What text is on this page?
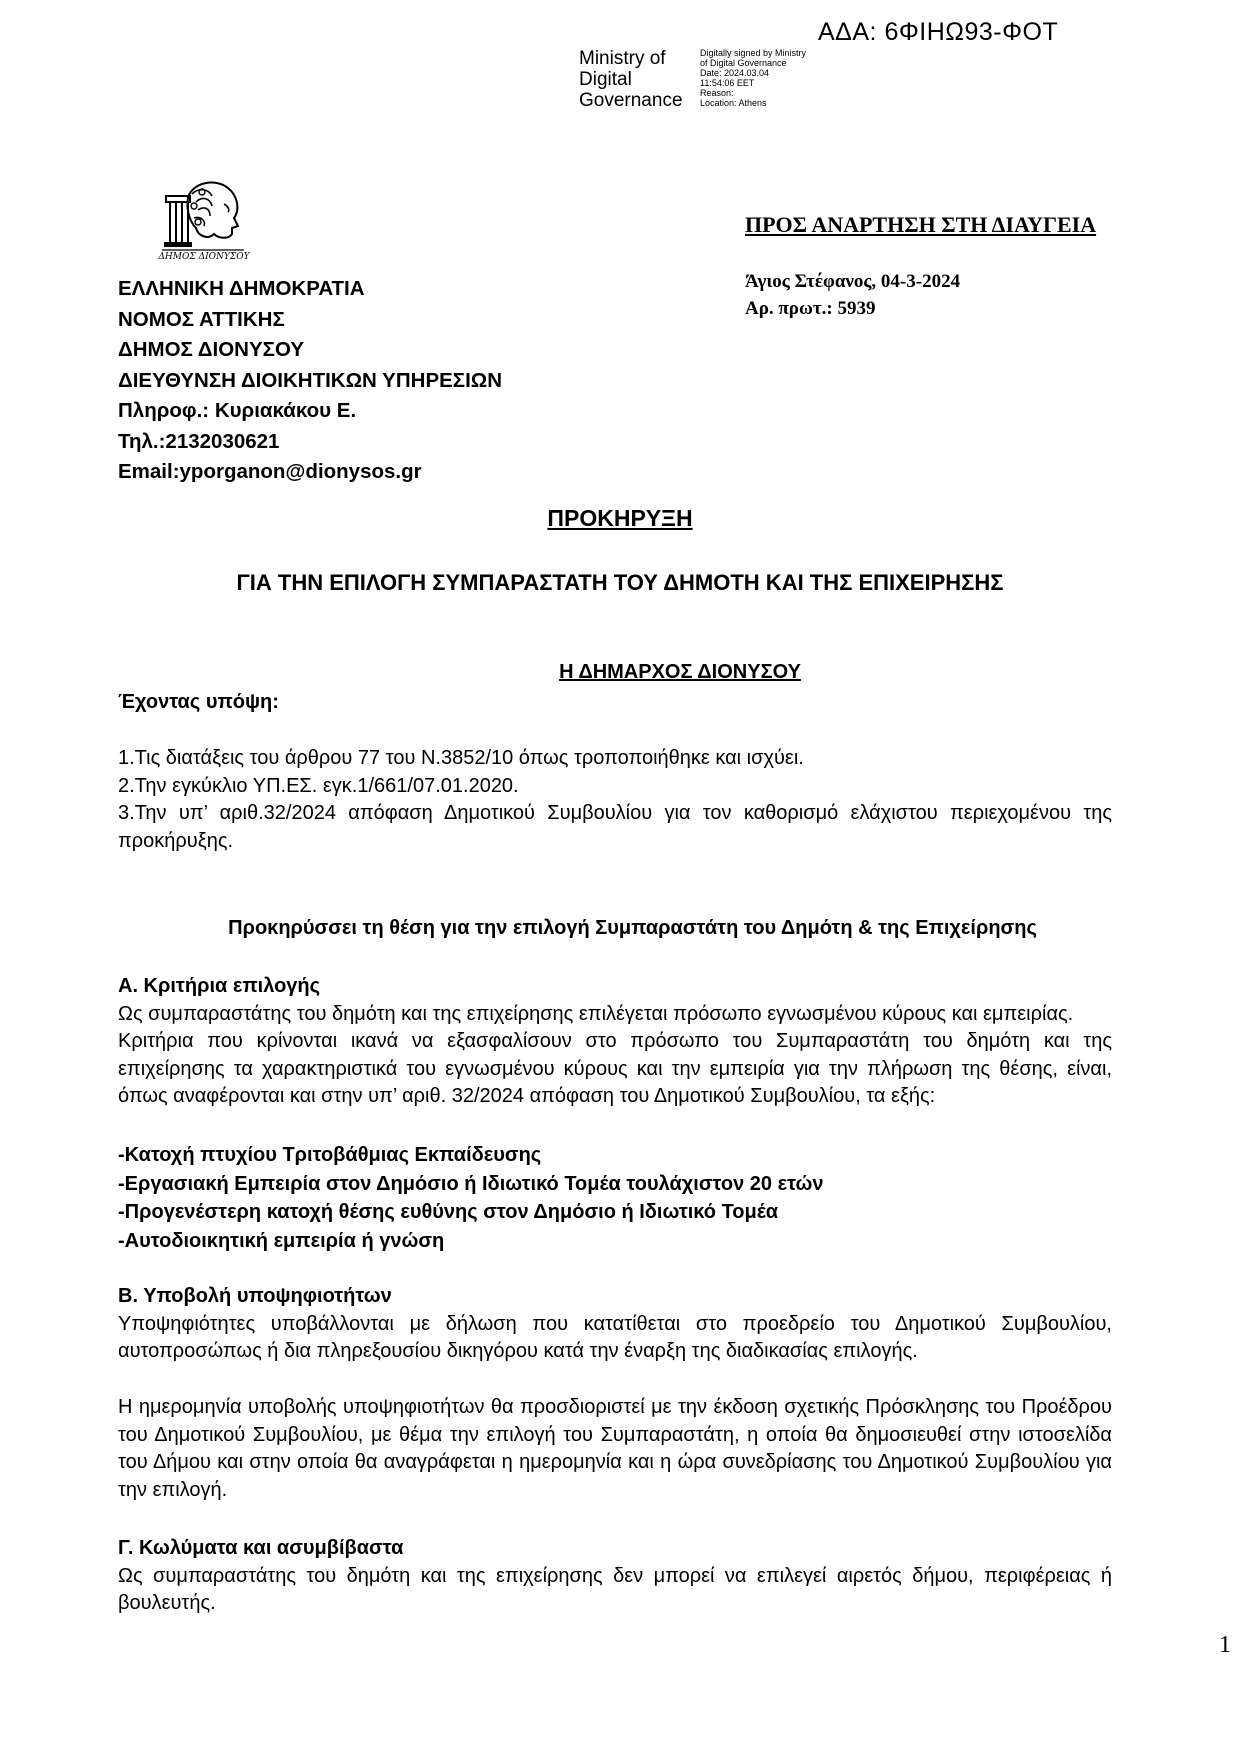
ΑΔΑ: 6ΦΙΗΩ93-ΦΟΤ
Ministry of
Digital
Governance
Digitally signed by Ministry
of Digital Governance
Date: 2024.03.04
11:54:06 EET
Reason:
Location: Athens
ΔΗΜΟΣ ΔΙΟΝΥΣΟΥ
ΠΡΟΣ ΑΝΑΡΤΗΣΗ ΣΤΗ ΔΙΑΥΓΕΙΑ
Άγιος Στέφανος, 04-3-2024
Αρ. πρωτ.: 5939
ΕΛΛΗΝΙΚΗ ΔΗΜΟΚΡΑΤΙΑ
ΝΟΜΟΣ ΑΤΤΙΚΗΣ
ΔΗΜΟΣ ΔΙΟΝΥΣΟΥ
ΔΙΕΥΘΥΝΣΗ ΔΙΟΙΚΗΤΙΚΩΝ ΥΠΗΡΕΣΙΩΝ
Πληροφ.: Κυριακάκου Ε.
Τηλ.:2132030621
Email:yporganon@dionysos.gr
ΠΡΟΚΗΡΥΞΗ
ΓΙΑ ΤΗΝ ΕΠΙΛΟΓΗ ΣΥΜΠΑΡΑΣΤΑΤΗ ΤΟΥ ΔΗΜΟΤΗ ΚΑΙ ΤΗΣ ΕΠΙΧΕΙΡΗΣΗΣ
Η ΔΗΜΑΡΧΟΣ ΔΙΟΝΥΣΟΥ
Έχοντας υπόψη:

1.Τις διατάξεις του άρθρου 77 του Ν.3852/10 όπως τροποποιήθηκε και ισχύει.

2.Την εγκύκλιο ΥΠ.ΕΣ. εγκ.1/661/07.01.2020.

3.Την υπ’ αριθ.32/2024 απόφαση Δημοτικού Συμβουλίου για τον καθορισμό ελάχιστου περιεχομένου της προκήρυξης.

Προκηρύσσει τη θέση για την επιλογή Συμπαραστάτη του Δημότη & της Επιχείρησης

Α. Κριτήρια επιλογής

Ως συμπαραστάτης του δημότη και της επιχείρησης επιλέγεται πρόσωπο εγνωσμένου κύρους και εμπειρίας.

Κριτήρια που κρίνονται ικανά να εξασφαλίσουν στο πρόσωπο του Συμπαραστάτη του δημότη και της επιχείρησης τα χαρακτηριστικά του εγνωσμένου κύρους και την εμπειρία για την πλήρωση της θέσης, είναι, όπως αναφέρονται και στην υπ’ αριθ. 32/2024 απόφαση του Δημοτικού Συμβουλίου, τα εξής:

-Κατοχή πτυχίου Τριτοβάθμιας Εκπαίδευσης
-Εργασιακή Εμπειρία στον Δημόσιο ή Ιδιωτικό Τομέα τουλάχιστον 20 ετών
-Προγενέστερη κατοχή θέσης ευθύνης στον Δημόσιο ή Ιδιωτικό Τομέα
-Αυτοδιοικητική εμπειρία ή γνώση

Β. Υποβολή υποψηφιοτήτων

Υποψηφιότητες υποβάλλονται με δήλωση που κατατίθεται στο προεδρείο του Δημοτικού Συμβουλίου, αυτοπροσώπως ή δια πληρεξουσίου δικηγόρου κατά την έναρξη της διαδικασίας επιλογής.

Η ημερομηνία υποβολής υποψηφιοτήτων θα προσδιοριστεί με την έκδοση σχετικής Πρόσκλησης του Προέδρου του Δημοτικού Συμβουλίου, με θέμα την επιλογή του Συμπαραστάτη, η οποία θα δημοσιευθεί στην ιστοσελίδα του Δήμου και στην οποία θα αναγράφεται η ημερομηνία και η ώρα συνεδρίασης του Δημοτικού Συμβουλίου για την επιλογή.

Γ. Κωλύματα και ασυμβίβαστα

Ως συμπαραστάτης του δημότη και της επιχείρησης δεν μπορεί να επιλεγεί αιρετός δήμου, περιφέρειας ή βουλευτής.

1
